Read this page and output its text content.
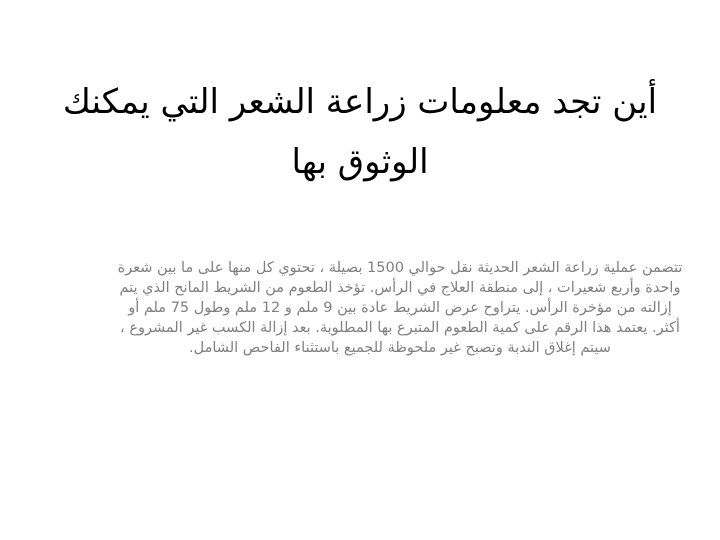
أين تجد معلومات زراعة الشعر التي يمكنك الوثوق بها

تتضمن عملية زراعة الشعر الحديثة نقل حوالي 1500 بصيلة ، تحتوي كل منها على ما بين شعرة واحدة وأربع شعيرات ، إلى منطقة العلاج في الرأس. تؤخذ الطعوم من الشريط المانح الذي يتم إزالته من مؤخرة الرأس. يتراوح عرض الشريط عادة بين 9 ملم و 12 ملم وطول 75 ملم أو أكثر. يعتمد هذا الرقم على كمية الطعوم المتبرع بها المطلوبة. بعد إزالة الكسب غير المشروع ، سيتم إغلاق الندبة وتصبح غير ملحوظة للجميع باستثناء الفاحص الشامل.
